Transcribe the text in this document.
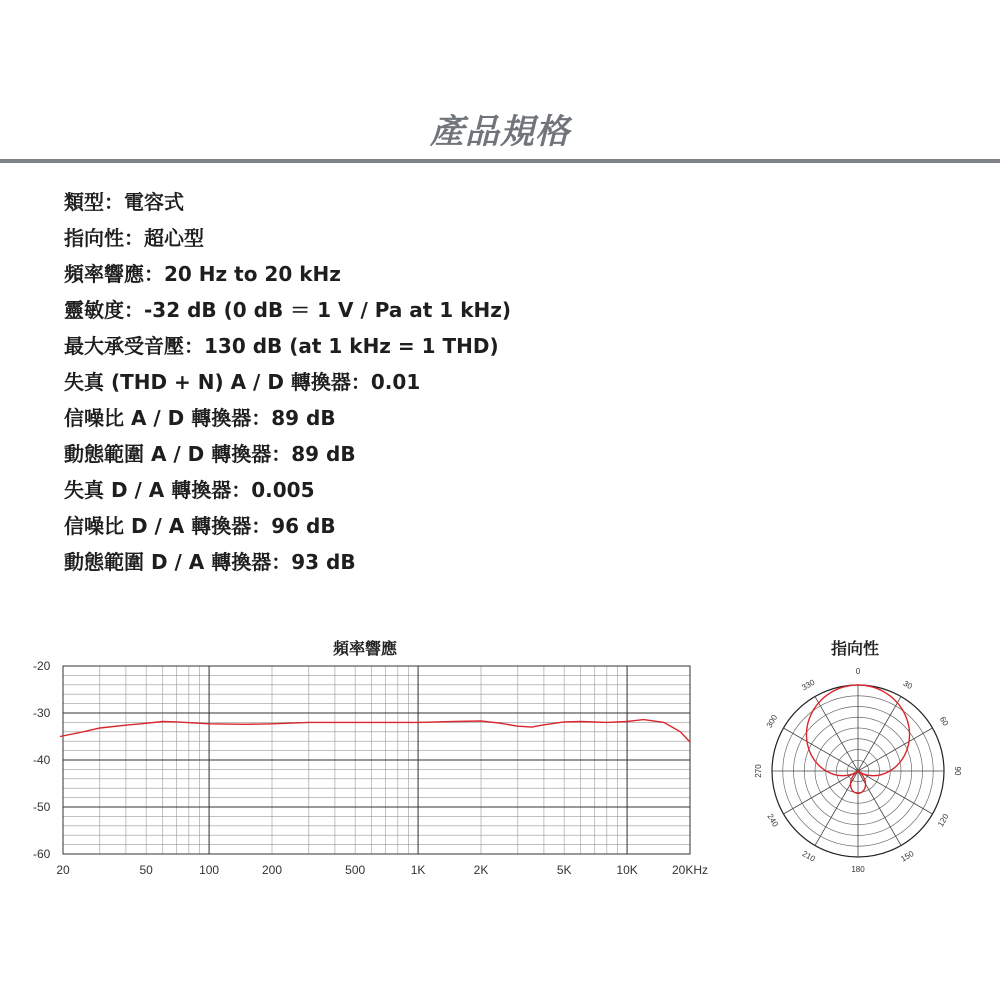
產品規格
類型：電容式
指向性：超心型
頻率響應：20 Hz to 20 kHz
靈敏度：-32 dB (0 dB ＝ 1 V / Pa at 1 kHz)
最大承受音壓：130 dB (at 1 kHz = 1 THD)
失真 (THD + N) A / D 轉換器：0.01
信噪比 A / D 轉換器：89 dB
動態範圍 A / D 轉換器：89 dB
失真 D / A 轉換器：0.005
信噪比 D / A 轉換器：96 dB
動態範圍 D / A 轉換器：93 dB
頻率響應	指向性
-20
-30
-40
-50
-60
20	50	100	200	500	1K	2K	5K	10K	20KHz
0
30
60
90
120
150
180
210
240
270
300
330
